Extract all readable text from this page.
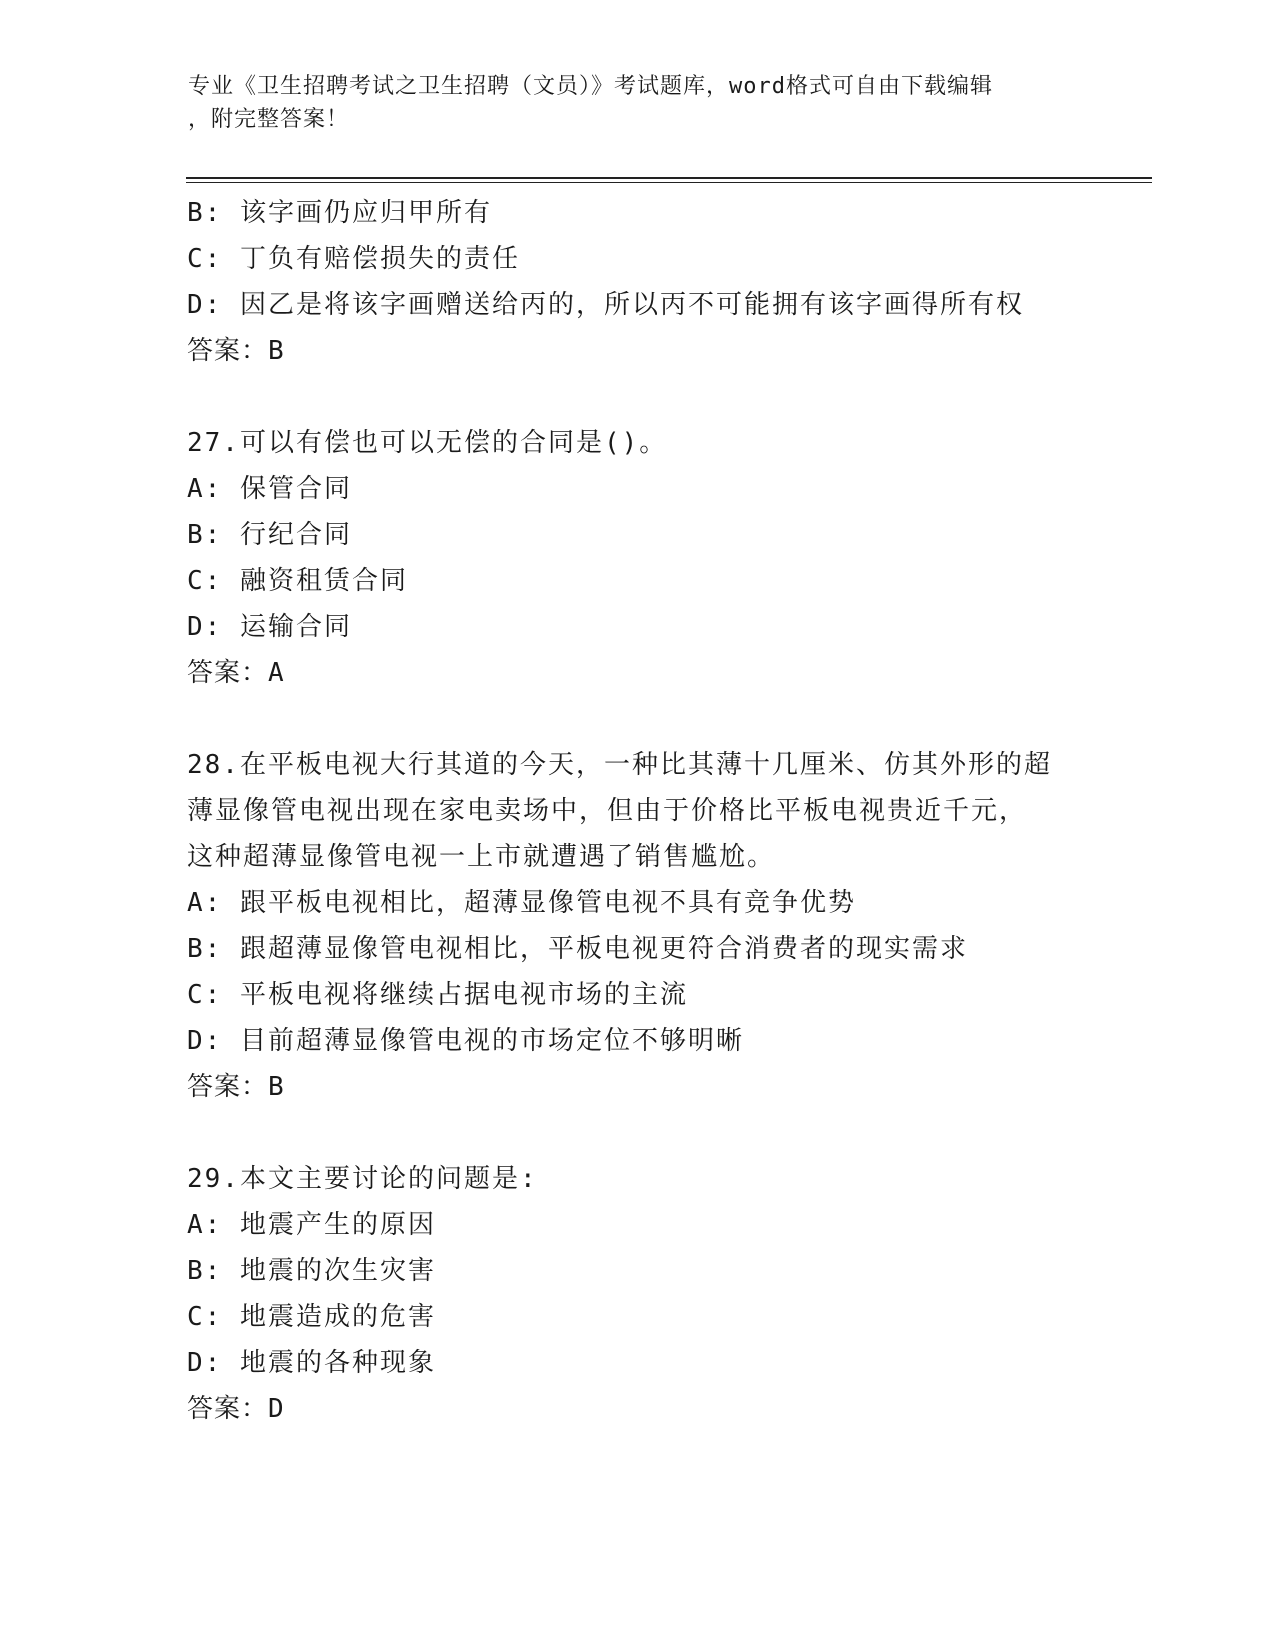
专业《卫生招聘考试之卫生招聘（文员）》考试题库，word格式可自由下载编辑
，附完整答案！
B: 该字画仍应归甲所有
C: 丁负有赔偿损失的责任
D: 因乙是将该字画赠送给丙的，所以丙不可能拥有该字画得所有权
答案：B
27.可以有偿也可以无偿的合同是()。
A: 保管合同
B: 行纪合同
C: 融资租赁合同
D: 运输合同
答案：A
28.在平板电视大行其道的今天，一种比其薄十几厘米、仿其外形的超
薄显像管电视出现在家电卖场中，但由于价格比平板电视贵近千元，
这种超薄显像管电视一上市就遭遇了销售尴尬。
A: 跟平板电视相比，超薄显像管电视不具有竞争优势
B: 跟超薄显像管电视相比，平板电视更符合消费者的现实需求
C: 平板电视将继续占据电视市场的主流
D: 目前超薄显像管电视的市场定位不够明晰
答案：B
29.本文主要讨论的问题是:
A: 地震产生的原因
B: 地震的次生灾害
C: 地震造成的危害
D: 地震的各种现象
答案：D
